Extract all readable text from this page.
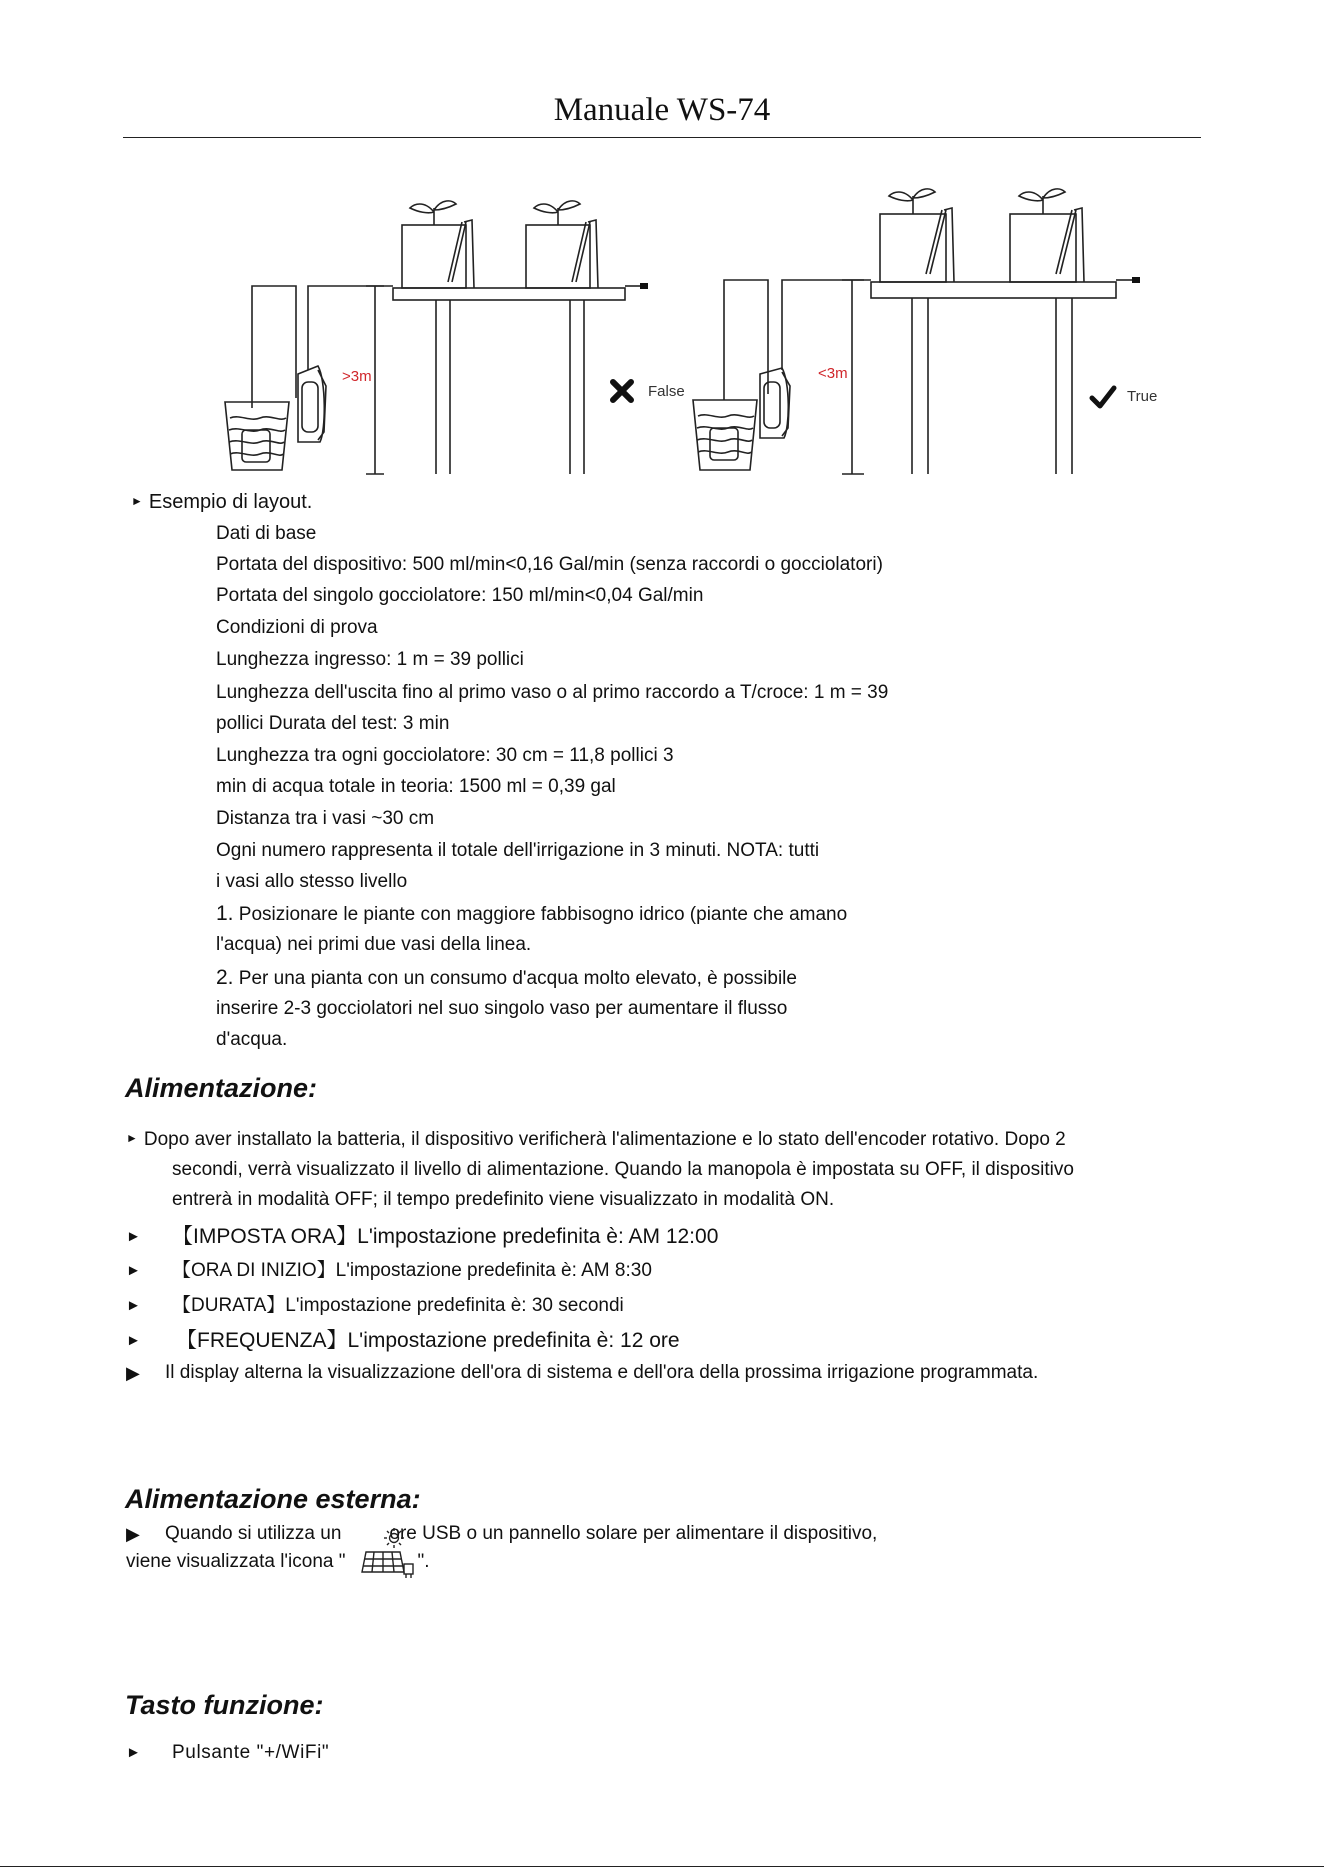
Manuale WS-74
>3m	<3m
False	True
► Esempio di layout.
Dati di base
Portata del dispositivo: 500 ml/min<0,16 Gal/min (senza raccordi o gocciolatori)
Portata del singolo gocciolatore: 150 ml/min<0,04 Gal/min
Condizioni di prova
Lunghezza ingresso: 1 m = 39 pollici
Lunghezza dell'uscita fino al primo vaso o al primo raccordo a T/croce: 1 m = 39
pollici Durata del test: 3 min
Lunghezza tra ogni gocciolatore: 30 cm = 11,8 pollici 3
min di acqua totale in teoria: 1500 ml = 0,39 gal
Distanza tra i vasi ~30 cm
Ogni numero rappresenta il totale dell'irrigazione in 3 minuti. NOTA: tutti
i vasi allo stesso livello
1. Posizionare le piante con maggiore fabbisogno idrico (piante che amano
l'acqua) nei primi due vasi della linea.
2. Per una pianta con un consumo d'acqua molto elevato, è possibile
inserire 2-3 gocciolatori nel suo singolo vaso per aumentare il flusso
d'acqua.
Alimentazione:
► Dopo aver installato la batteria, il dispositivo verificherà l'alimentazione e lo stato dell'encoder rotativo. Dopo 2
secondi, verrà visualizzato il livello di alimentazione. Quando la manopola è impostata su OFF, il dispositivo
entrerà in modalità OFF; il tempo predefinito viene visualizzato in modalità ON.
► 【IMPOSTA ORA】L'impostazione predefinita è: AM 12:00
► 【ORA DI INIZIO】L'impostazione predefinita è: AM 8:30
► 【DURATA】L'impostazione predefinita è: 30 secondi
► 【FREQUENZA】L'impostazione predefinita è: 12 ore
▶ Il display alterna la visualizzazione dell'ora di sistema e dell'ora della prossima irrigazione programmata.
Alimentazione esterna:
▶ Quando si utilizza un	ore USB o un pannello solare per alimentare il dispositivo,
viene visualizzata l'icona "	".
Tasto funzione:
► Pulsante "+/WiFi"
